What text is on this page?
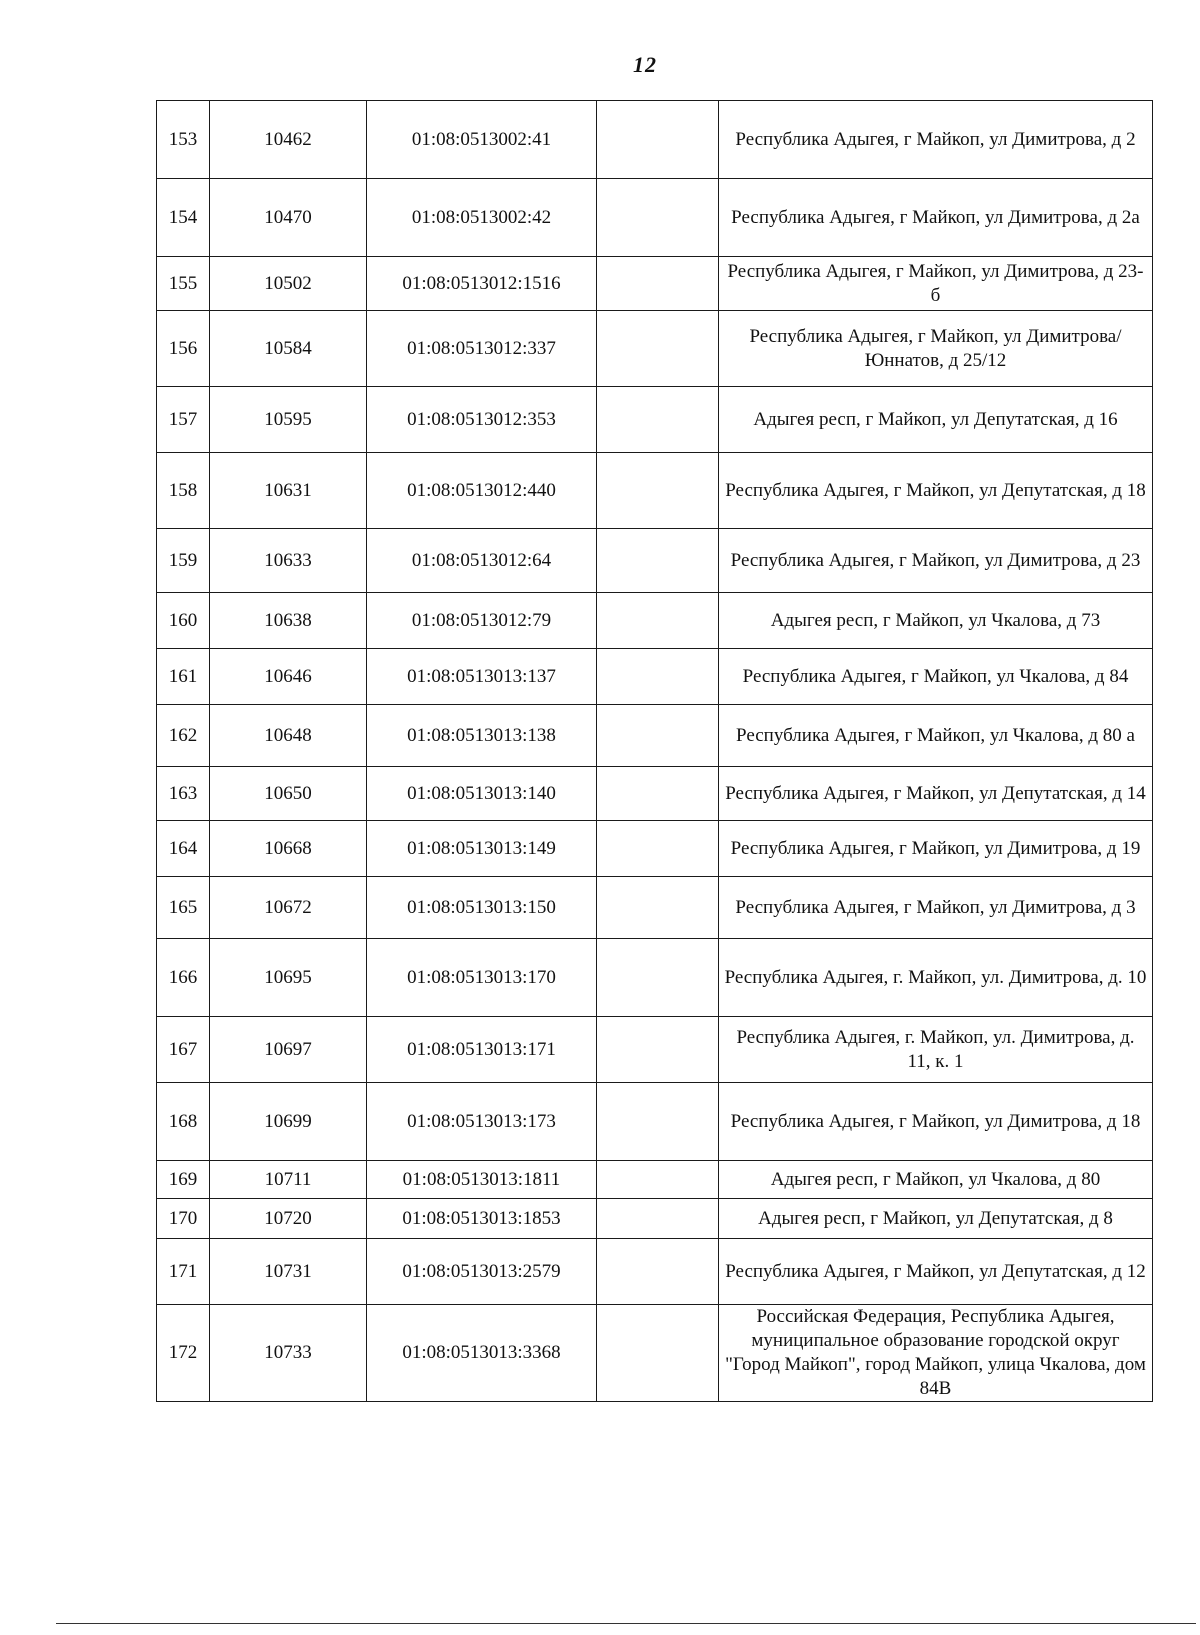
12
153	10462	01:08:0513002:41		Республика Адыгея, г Майкоп, ул Димитрова, д 2
154	10470	01:08:0513002:42		Республика Адыгея, г Майкоп, ул Димитрова, д 2а
155	10502	01:08:0513012:1516		Республика Адыгея, г Майкоп, ул Димитрова, д 23-б
156	10584	01:08:0513012:337		Республика Адыгея, г Майкоп, ул Димитрова/Юннатов, д 25/12
157	10595	01:08:0513012:353		Адыгея респ, г Майкоп, ул Депутатская, д 16
158	10631	01:08:0513012:440		Республика Адыгея, г Майкоп, ул Депутатская, д 18
159	10633	01:08:0513012:64		Республика Адыгея, г Майкоп, ул Димитрова, д 23
160	10638	01:08:0513012:79		Адыгея респ, г Майкоп, ул Чкалова, д 73
161	10646	01:08:0513013:137		Республика Адыгея, г Майкоп, ул Чкалова, д 84
162	10648	01:08:0513013:138		Республика Адыгея, г Майкоп, ул Чкалова, д 80 а
163	10650	01:08:0513013:140		Республика Адыгея, г Майкоп, ул Депутатская, д 14
164	10668	01:08:0513013:149		Республика Адыгея, г Майкоп, ул Димитрова, д 19
165	10672	01:08:0513013:150		Республика Адыгея, г Майкоп, ул Димитрова, д 3
166	10695	01:08:0513013:170		Республика Адыгея, г. Майкоп, ул. Димитрова, д. 10
167	10697	01:08:0513013:171		Республика Адыгея, г. Майкоп, ул. Димитрова, д. 11, к. 1
168	10699	01:08:0513013:173		Республика Адыгея, г Майкоп, ул Димитрова, д 18
169	10711	01:08:0513013:1811		Адыгея респ, г Майкоп, ул Чкалова, д 80
170	10720	01:08:0513013:1853		Адыгея респ, г Майкоп, ул Депутатская, д 8
171	10731	01:08:0513013:2579		Республика Адыгея, г Майкоп, ул Депутатская, д 12
172	10733	01:08:0513013:3368		Российская Федерация, Республика Адыгея, муниципальное образование городской округ "Город Майкоп", город Майкоп, улица Чкалова, дом 84В
